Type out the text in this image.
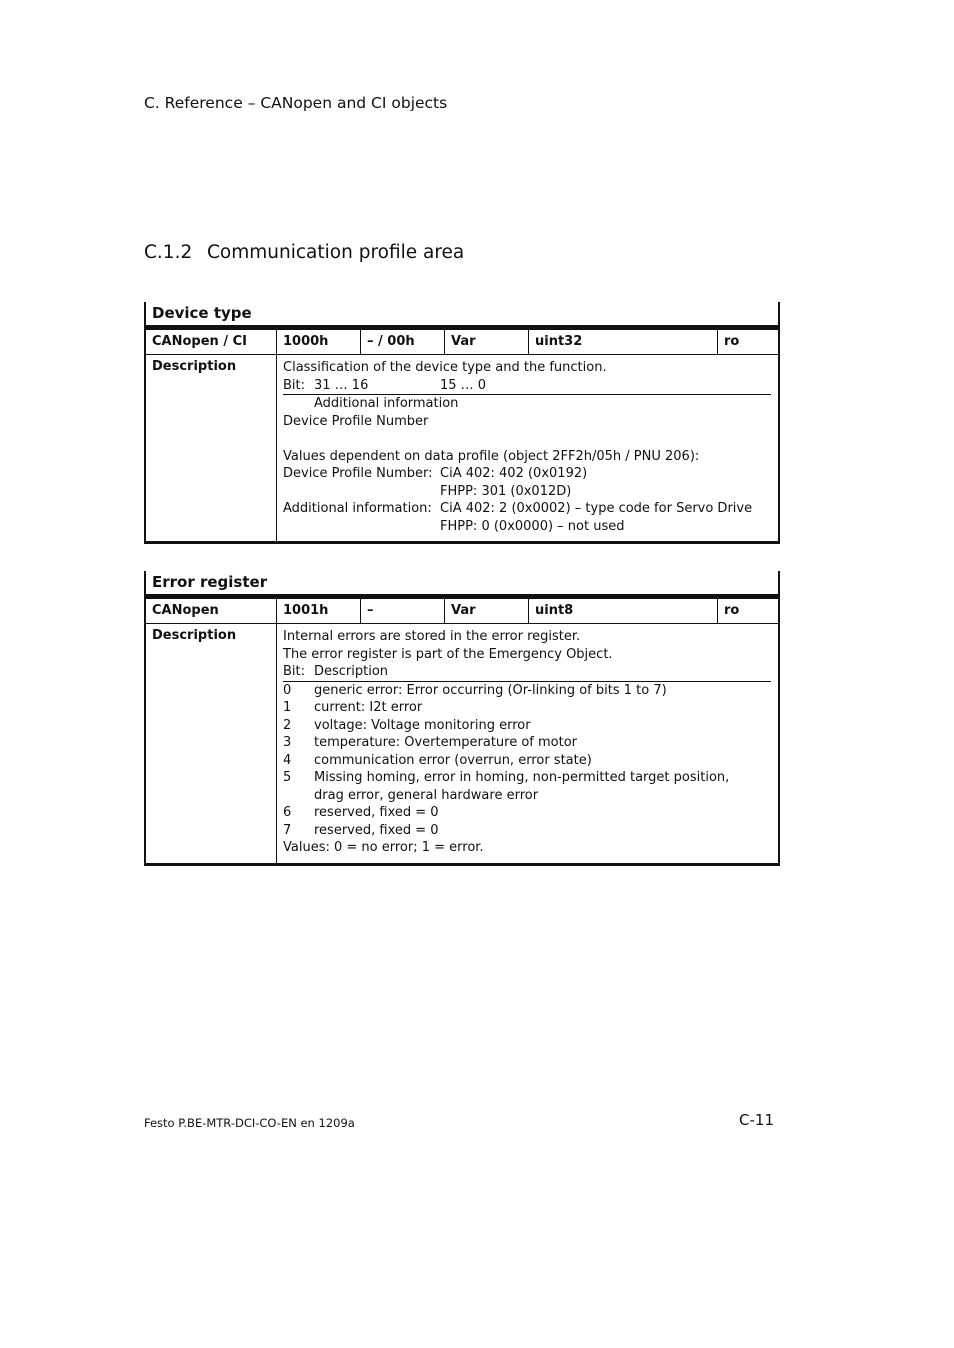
C. Reference – CANopen and CI objects
C.1.2 Communication profile area
Device type
CANopen / CI	1000h	– / 00h	Var	uint32	ro
Description	Classification of the device type and the function.
Bit: 31 … 16	15 … 0
Additional information
Device Profile Number
Values dependent on data profile (object 2FF2h/05h / PNU 206):
Device Profile Number: CiA 402: 402 (0x0192)
FHPP: 301 (0x012D)
Additional information: CiA 402: 2 (0x0002) – type code for Servo Drive
FHPP: 0 (0x0000) – not used
Error register
CANopen	1001h	–	Var	uint8	ro
Description	Internal errors are stored in the error register.
The error register is part of the Emergency Object.
Bit: Description
0 generic error: Error occurring (Or-linking of bits 1 to 7)
1 current: I2t error
2 voltage: Voltage monitoring error
3 temperature: Overtemperature of motor
4 communication error (overrun, error state)
5	Missing homing, error in homing, non-permitted target position, drag error, general hardware error
6 reserved, fixed = 0
7 reserved, fixed = 0
Values: 0 = no error; 1 = error.
Festo P.BE-MTR-DCI-CO-EN en 1209a	C-11
